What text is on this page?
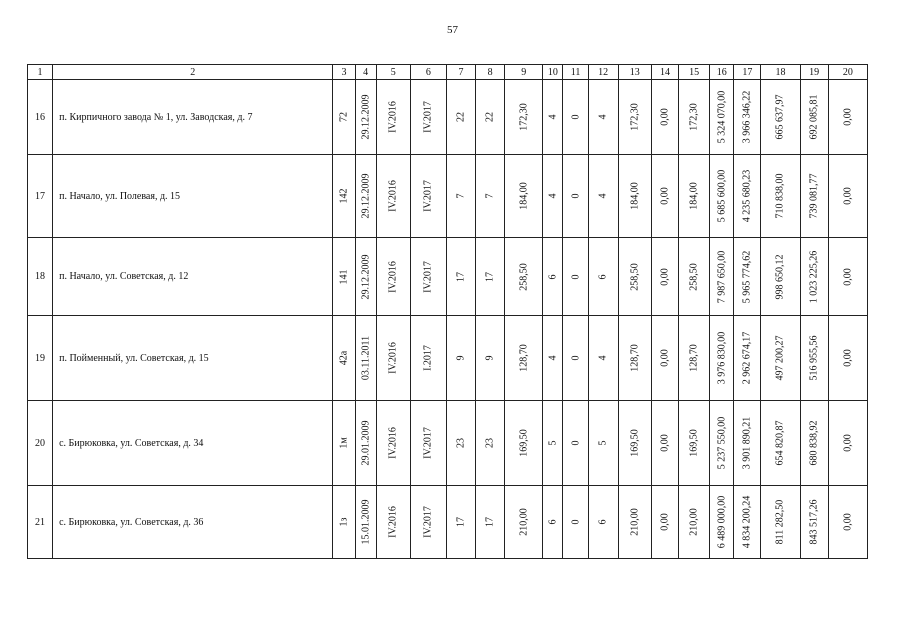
57
1	2	3	4	5	6	7	8	9	10	11	12	13	14	15	16	17	18	19	20
16	п. Кирпичного завода № 1, ул. Заводская, д. 7	72	29.12.2009	IV.2016	IV.2017	22	22	172,30	4	0	4	172,30	0,00	172,30	5 324 070,00	3 966 346,22	665 637,97	692 085,81	0,00

17	п. Начало, ул. Полевая, д. 15	142	29.12.2009	IV.2016	IV.2017	7	7	184,00	4	0	4	184,00	0,00	184,00	5 685 600,00	4 235 680,23	710 838,00	739 081,77	0,00

18	п. Начало, ул. Советская, д. 12	141	29.12.2009	IV.2016	IV.2017	17	17	258,50	6	0	6	258,50	0,00	258,50	7 987 650,00	5 965 774,62	998 650,12	1 023 225,26	0,00

19	п. Пойменный, ул. Советская, д. 15	42а	03.11.2011	IV.2016	I.2017	9	9	128,70	4	0	4	128,70	0,00	128,70	3 976 830,00	2 962 674,17	497 200,27	516 955,56	0,00

20	с. Бирюковка, ул. Советская, д. 34	1м	29.01.2009	IV.2016	IV.2017	23	23	169,50	5	0	5	169,50	0,00	169,50	5 237 550,00	3 901 890,21	654 820,87	680 838,92	0,00

21	с. Бирюковка, ул. Советская, д. 36	1з	15.01.2009	IV.2016	IV.2017	17	17	210,00	6	0	6	210,00	0,00	210,00	6 489 000,00	4 834 200,24	811 282,50	843 517,26	0,00
